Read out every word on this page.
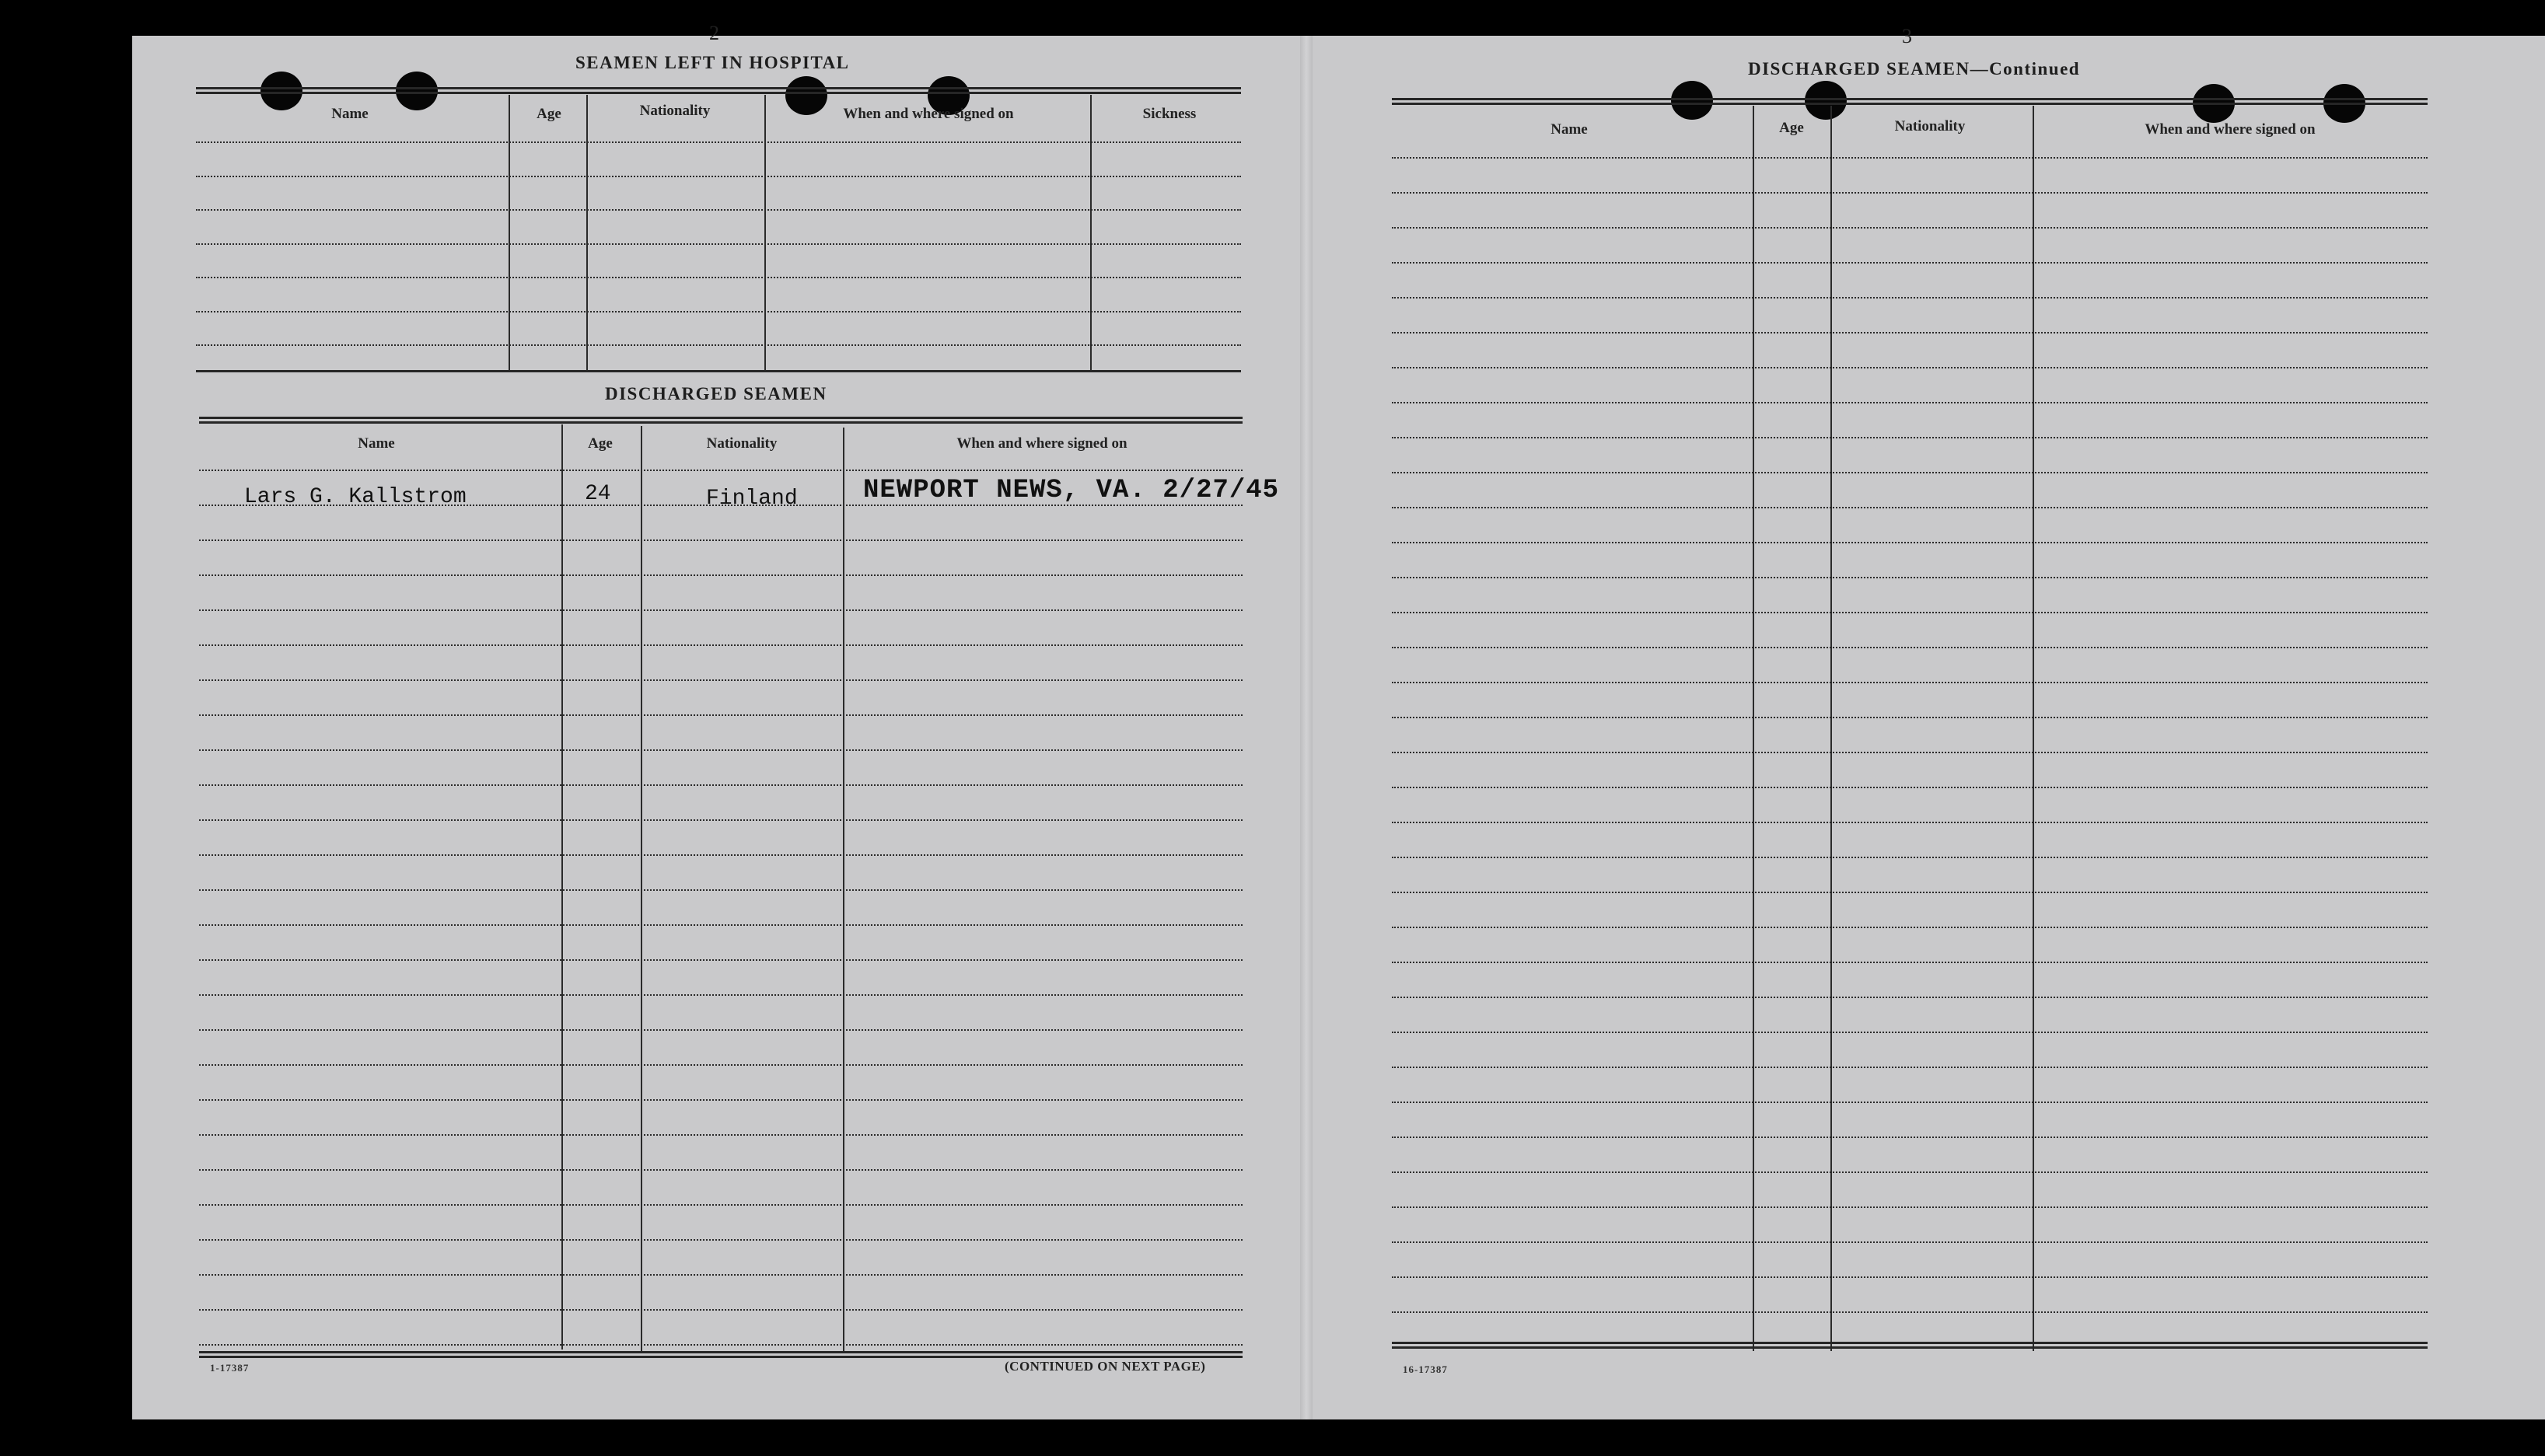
2
SEAMEN LEFT IN HOSPITAL
Name	Age	Nationality	When and where signed on	Sickness
DISCHARGED SEAMEN
Name	Age	Nationality	When and where signed on
Lars G. Kallstrom	24	Finland NEWPORT NEWS, VA. 2/27/45
1-17387	(CONTINUED ON NEXT PAGE)
3
DISCHARGED SEAMEN—Continued
Name	Age	Nationality	When and where signed on
16-17387
